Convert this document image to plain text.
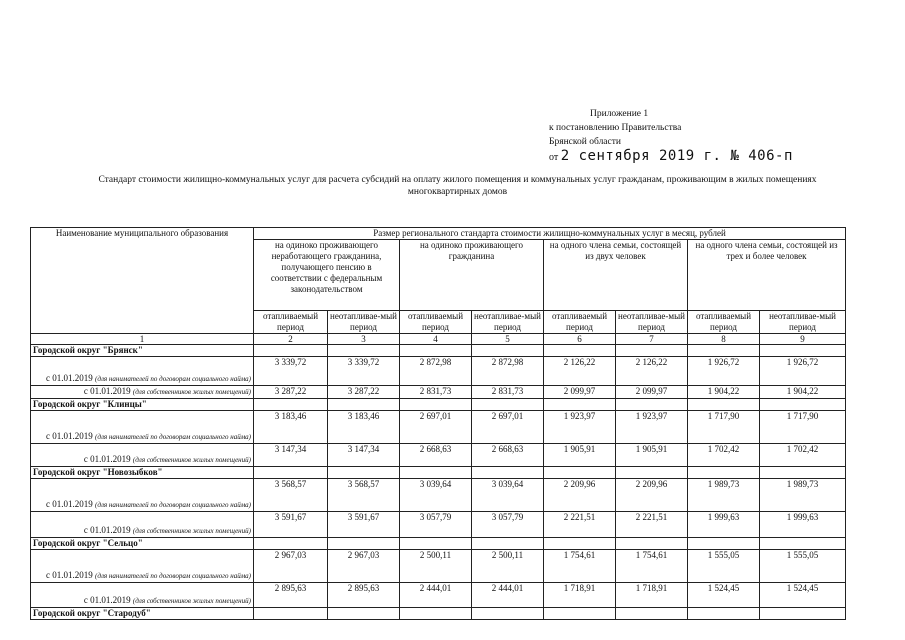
Приложение 1
к постановлению Правительства
Брянской области
от 2 сентября 2019 г. № 406-п
Стандарт стоимости жилищно-коммунальных услуг для расчета субсидий на оплату жилого помещения и коммунальных услуг гражданам, проживающим в жилых помещениях
многоквартирных домов
Наименование муниципального образования	Размер регионального стандарта стоимости жилищно-коммунальных услуг в месяц, рублей							
	на одиноко проживающего неработающего гражданина, получающего пенсию в соответствии с федеральным законодательством		на одиноко проживающего гражданина		на одного члена семьи, состоящей из двух человек		на одного члена семьи, состоящей из трех и более человек	
	отапливаемый период	неотапливае-мый период	отапливаемый период	неотапливае-мый период	отапливаемый период	неотапливае-мый период	отапливаемый период	неотапливае-мый период
1	2	3	4	5	6	7	8	9
Городской округ "Брянск"								
с 01.01.2019 (для нанимателей по договорам социального найма)	3 339,72	3 339,72	2 872,98	2 872,98	2 126,22	2 126,22	1 926,72	1 926,72
с 01.01.2019 (для собственников жилых помещений)	3 287,22	3 287,22	2 831,73	2 831,73	2 099,97	2 099,97	1 904,22	1 904,22
Городской округ "Клинцы"								
с 01.01.2019 (для нанимателей по договорам социального найма)	3 183,46	3 183,46	2 697,01	2 697,01	1 923,97	1 923,97	1 717,90	1 717,90
с 01.01.2019 (для собственников жилых помещений)	3 147,34	3 147,34	2 668,63	2 668,63	1 905,91	1 905,91	1 702,42	1 702,42
Городской округ "Новозыбков"								
с 01.01.2019 (для нанимателей по договорам социального найма)	3 568,57	3 568,57	3 039,64	3 039,64	2 209,96	2 209,96	1 989,73	1 989,73
с 01.01.2019 (для собственников жилых помещений)	3 591,67	3 591,67	3 057,79	3 057,79	2 221,51	2 221,51	1 999,63	1 999,63
Городской округ "Сельцо"								
с 01.01.2019 (для нанимателей по договорам социального найма)	2 967,03	2 967,03	2 500,11	2 500,11	1 754,61	1 754,61	1 555,05	1 555,05
с 01.01.2019 (для собственников жилых помещений)	2 895,63	2 895,63	2 444,01	2 444,01	1 718,91	1 718,91	1 524,45	1 524,45
Городской округ "Стародуб"								
